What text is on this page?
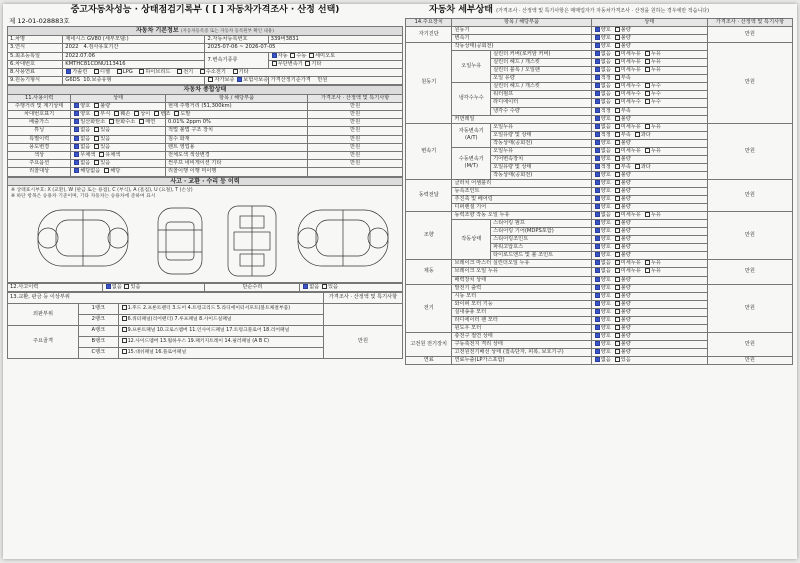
중고자동차성능 · 상태점검기록부 ( [ ] 자동차가격조사 · 산정 선택)
제 12-01-028883호
자동차 기본정보 (자동차등록증 또는 자동차 등록원부 확인 내용)			
1.차명	제네시스 GV80 (세부모델:)	2.자동차등록번호	339버3831
3.연식	2022 4.검사유효기간	2025-07-06 ~ 2026-07-05	
5.최초등록일	2022.07.06	7.변속기종류	자동 수동 세미오토
6.차대번호	KMTHC81CDNU113416		무단변속기 기타
8.사용연료	가솔린 디젤 LPG 하이브리드 전기 수소전기 기타		
9.원동기형식	G6DS 10.보증유형	자가보증 보험사보증	가격산정기준가격 만원
자동차 종합상태			
11.사용이력	상태	항목 / 해당부품	가격조사 · 산정액 및 특기사항
주행거리 및 계기상태	양호 불량	현재 주행거리 (51,300km)	만원
차대번호표기	양호 부식 훼손 상이 변조 도말		만원
배출가스	일산화탄소 탄화수소 매연	0.01% 2ppm 0%	만원
튜닝	없음 있음	적법 불법 구조 장치	만원
특별이력	없음 있음	침수 화재	만원
용도변경	없음 있음	렌트 영업용	만원
색상	무채색 유채색	전체도색 색상변경	만원
주요옵션	없음 있음	썬루프 네비게이션 기타	만원
리콜대상	해당없음 해당	리콜이행 이행 미이행	
사고 · 교환 · 수리 등 이력
※ 상태표시부호: X (교환), W (판금 또는 용접), C (부식), A (흠집), U (요철), T (손상)
※ 하단 항목은 승용차 기준이며, 기타 자동차는 승용차에 준하여 표시
12.사고이력	없음 있음	단순수리	없음 있음
13.교환, 판금 등 이상부위			가격조사 · 산정액 및 특기사항
외판부위	1랭크	1.후드 2.프론트펜더 3.도어 4.트렁크리드 5.라디에이터서포트(볼트체결부품)	
	2랭크	6.쿼터패널(리어펜더) 7.루프패널 8.사이드실패널	
주요골격	A랭크	9.프론트패널 10.크로스멤버 11.인사이드패널 17.트렁크플로어 18.리어패널	만원
	B랭크	12.사이드멤버 13.휠하우스 19.패키지트레이 14.필러패널 (A B C)	
	C랭크	15.대쉬패널 16.플로어패널	
자동차 세부상태 (가격조사 · 산정액 및 특기사항은 매매업자가 자동차가격조사 · 산정을 원하는 경우에만 적습니다)
14.주요장치	항목 / 해당부품		상태	가격조사 · 산정액 및 특기사항
자기진단	원동기		양호 불량	만원
	변속기		양호 불량	
원동기	작동상태(공회전)		양호 불량	만원
	오일누유	실린더 커버(로커암 커버)	없음 미세누유 누유	
		실린더 헤드 / 개스킷	없음 미세누유 누유	
		실린더 블록 / 오일팬	없음 미세누유 누유	
		오일 유량	적정 부족	
	냉각수누수	실린더 헤드 / 개스킷	없음 미세누수 누수	
		워터펌프	없음 미세누수 누수	
		라디에이터	없음 미세누수 누수	
		냉각수 수량	적정 부족	
	커먼레일		양호 불량	
변속기	자동변속기 (A/T)	오일누유	없음 미세누유 누유	만원
		오일유량 및 상태	적정 부족 과다	
		작동상태(공회전)	양호 불량	
	수동변속기 (M/T)	오일누유	없음 미세누유 누유	
		기어변속장치	양호 불량	
		오일유량 및 상태	적정 부족 과다	
		작동상태(공회전)	양호 불량	
동력전달	클러치 어셈블리		양호 불량	만원
	등속조인트		양호 불량	
	추진축 및 베어링		양호 불량	
	디퍼렌셜 기어		양호 불량	
조향	동력조향 작동 오일 누유		없음 미세누유 누유	만원
	작동상태	스티어링 펌프	양호 불량	
		스티어링 기어(MDPS포함)	양호 불량	
		스티어링조인트	양호 불량	
		파워고압호스	양호 불량	
		타이로드엔드 및 볼 조인트	양호 불량	
제동	브레이크 마스터 실린더오일 누유		없음 미세누유 누유	만원
	브레이크 오일 누유		없음 미세누유 누유	
	배력장치 상태		양호 불량	
전기	발전기 출력		양호 불량	만원
	시동 모터		양호 불량	
	와이퍼 모터 기능		양호 불량	
	실내송풍 모터		양호 불량	
	라디에이터 팬 모터		양호 불량	
	윈도우 모터		양호 불량	
고전원 전기장치	충전구 절연 상태		양호 불량	만원
	구동축전지 격리 상태		양호 불량	
	고전원전기배선 상태 (접속단자, 피복, 보호기구)		양호 불량	
연료	연료누출(LP가스포함)		없음 있음	만원
